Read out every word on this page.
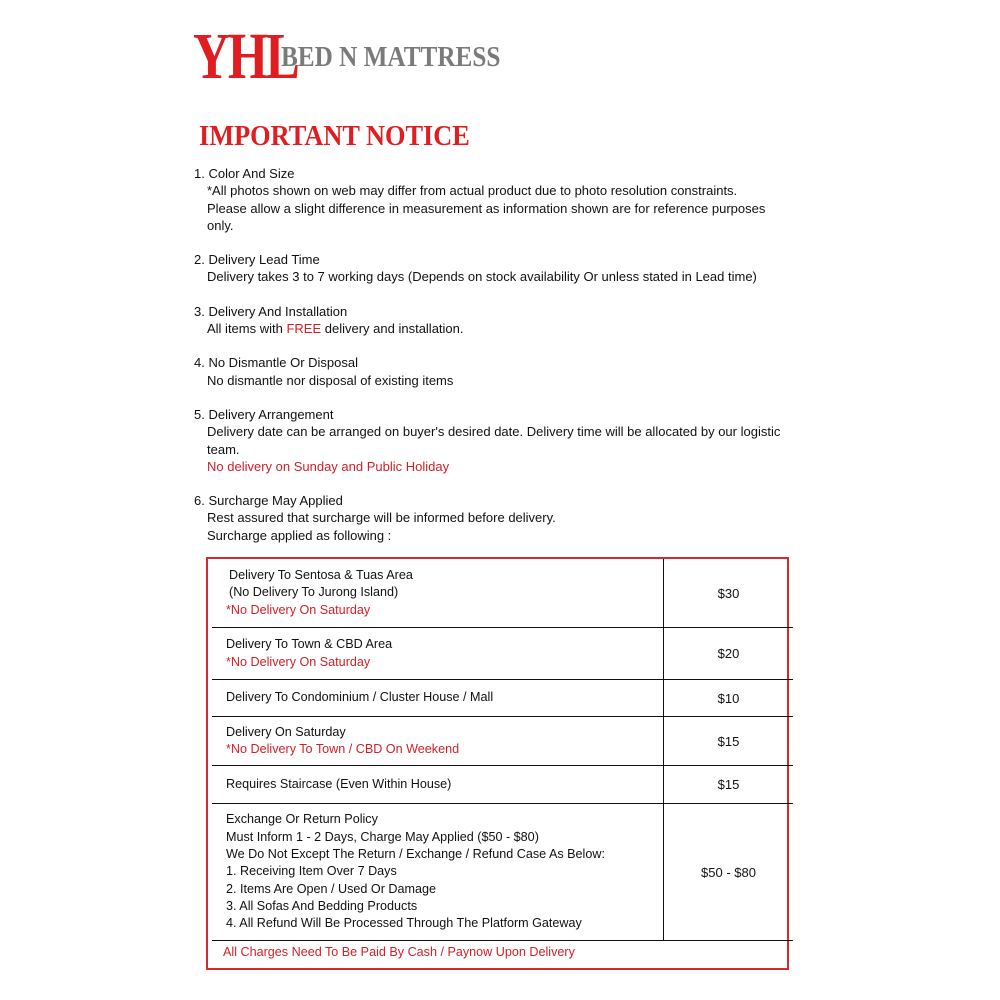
YHL
BED N MATTRESS
IMPORTANT NOTICE
1. Color And Size
*All photos shown on web may differ from actual product due to photo resolution constraints.
Please allow a slight difference in measurement as information shown are for reference purposes
only.
2. Delivery Lead Time
Delivery takes 3 to 7 working days (Depends on stock availability Or unless stated in Lead time)
3. Delivery And Installation
All items with FREE delivery and installation.
4. No Dismantle Or Disposal
No dismantle nor disposal of existing items
5. Delivery Arrangement
Delivery date can be arranged on buyer's desired date. Delivery time will be allocated by our logistic
team.
No delivery on Sunday and Public Holiday
6. Surcharge May Applied
Rest assured that surcharge will be informed before delivery.
Surcharge applied as following :
Delivery To Sentosa & Tuas Area
(No Delivery To Jurong Island)
*No Delivery On Saturday
$30
Delivery To Town & CBD Area
*No Delivery On Saturday
$20
Delivery To Condominium / Cluster House / Mall	$10
Delivery On Saturday
*No Delivery To Town / CBD On Weekend
$15
Requires Staircase (Even Within House)	$15
Exchange Or Return Policy
Must Inform 1 - 2 Days, Charge May Applied ($50 - $80)
We Do Not Except The Return / Exchange / Refund Case As Below:
1. Receiving Item Over 7 Days
2. Items Are Open / Used Or Damage
3. All Sofas And Bedding Products
4. All Refund Will Be Processed Through The Platform Gateway
$50 - $80
All Charges Need To Be Paid By Cash / Paynow Upon Delivery
